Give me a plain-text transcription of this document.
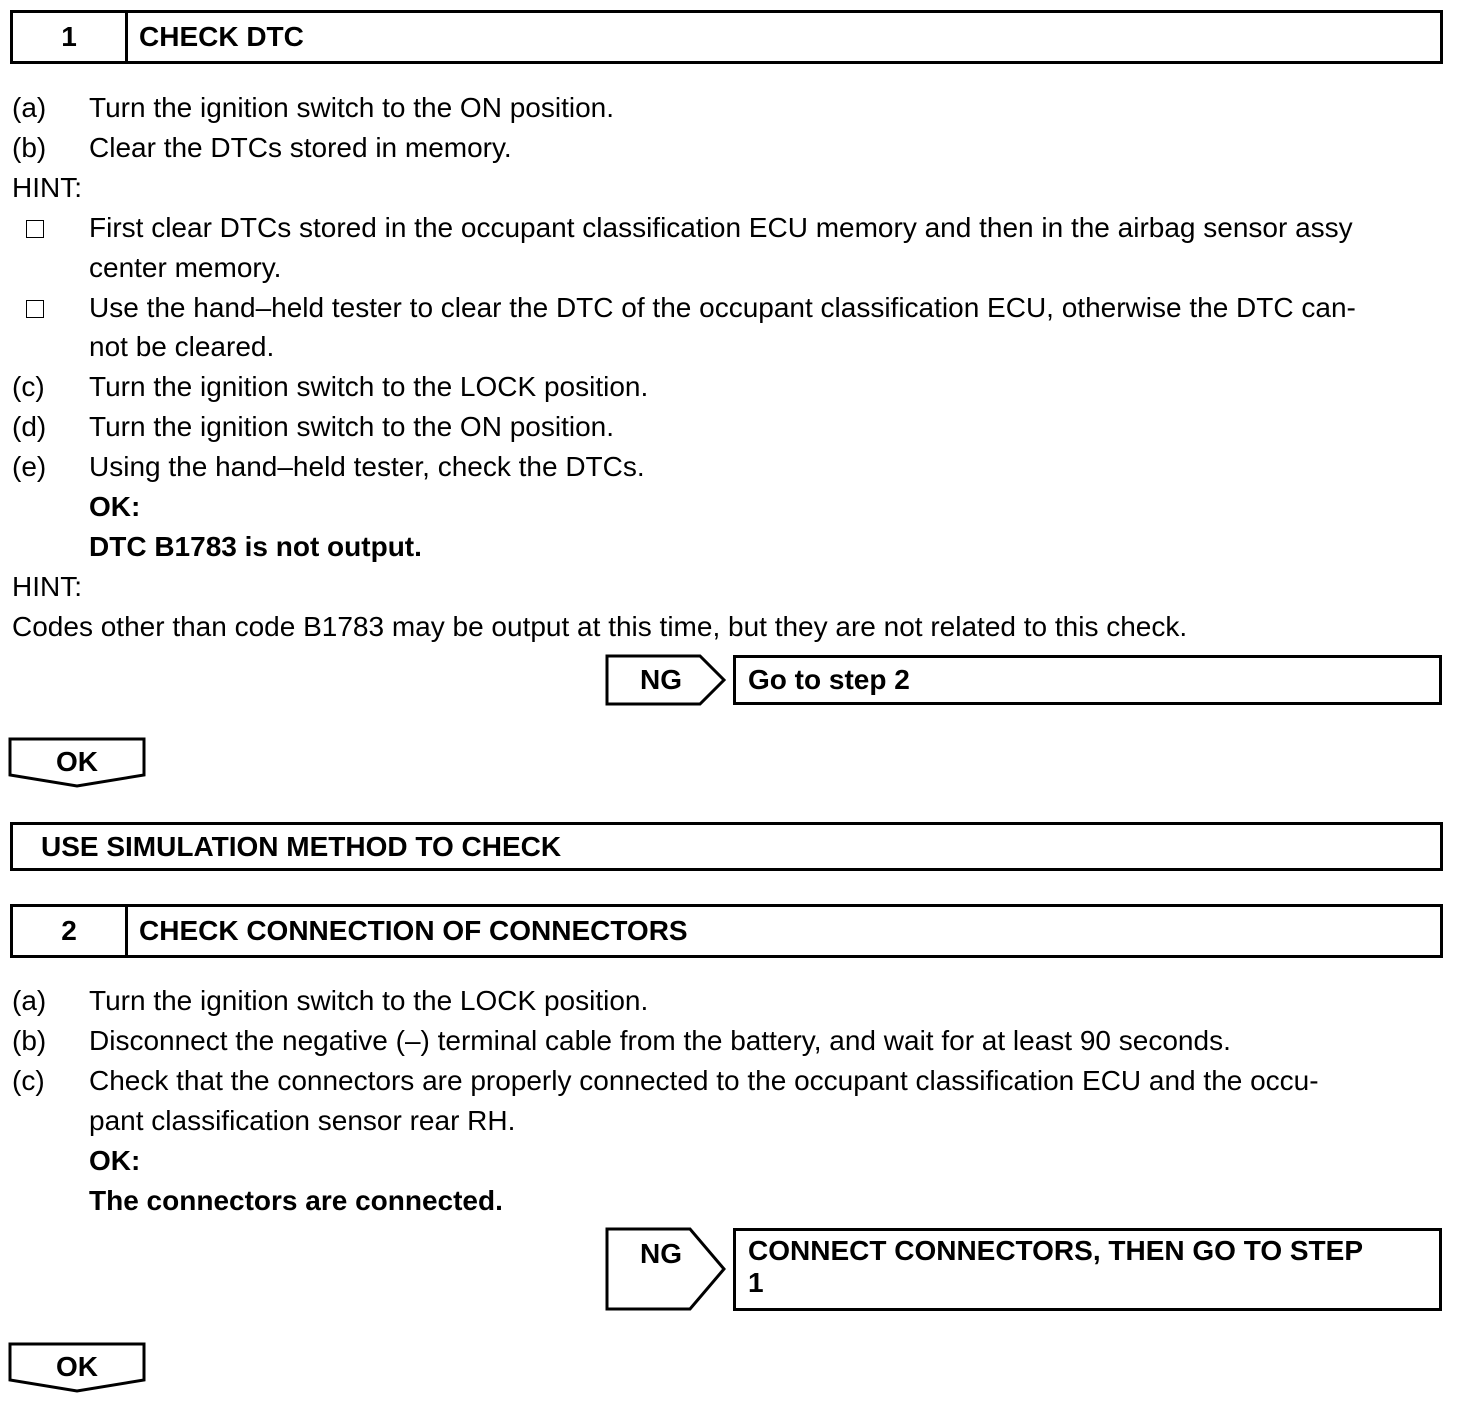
1	CHECK DTC
(a) Turn the ignition switch to the ON position.
(b) Clear the DTCs stored in memory.
HINT:
First clear DTCs stored in the occupant classification ECU memory and then in the airbag sensor assy
center memory.
Use the hand–held tester to clear the DTC of the occupant classification ECU, otherwise the DTC can-
not be cleared.
(c) Turn the ignition switch to the LOCK position.
(d) Turn the ignition switch to the ON position.
(e) Using the hand–held tester, check the DTCs.
OK:
DTC B1783 is not output.
HINT:
Codes other than code B1783 may be output at this time, but they are not related to this check.
NG	Go to step 2
OK
USE SIMULATION METHOD TO CHECK
2	CHECK CONNECTION OF CONNECTORS
(a) Turn the ignition switch to the LOCK position.
(b) Disconnect the negative (–) terminal cable from the battery, and wait for at least 90 seconds.
(c) Check that the connectors are properly connected to the occupant classification ECU and the occu-
pant classification sensor rear RH.
OK:
The connectors are connected.
NG	CONNECT CONNECTORS, THEN GO TO STEP
1
OK
